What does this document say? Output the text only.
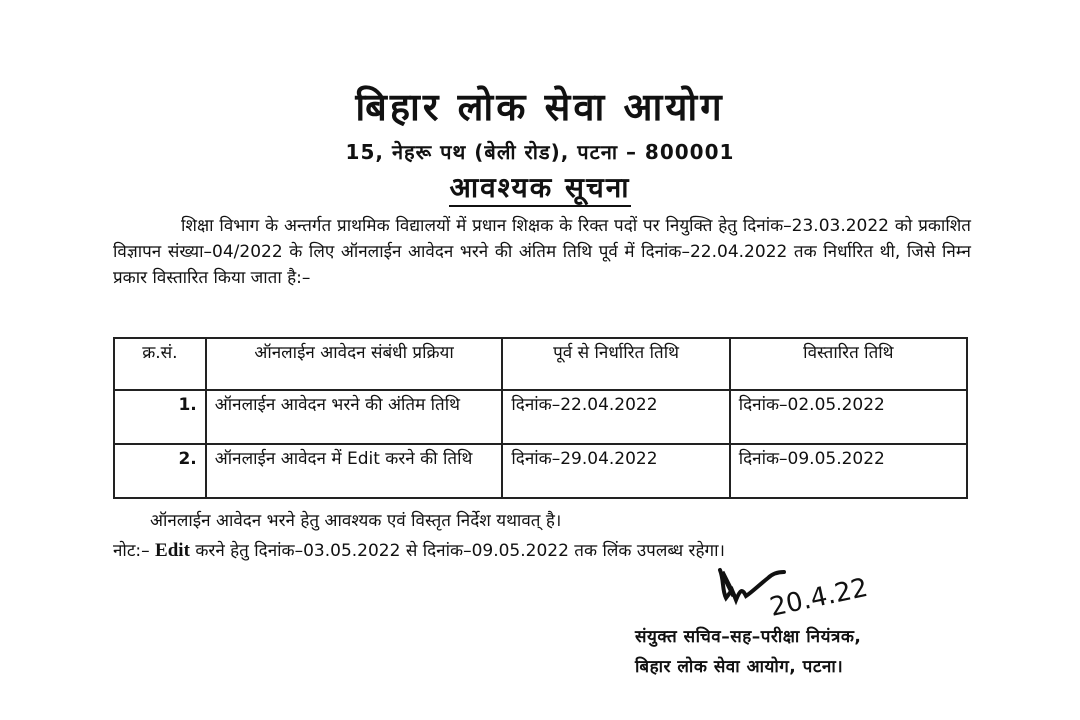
बिहार लोक सेवा आयोग
15, नेहरू पथ (बेली रोड), पटना – 800001
आवश्यक सूचना
शिक्षा विभाग के अन्तर्गत प्राथमिक विद्यालयों में प्रधान शिक्षक के रिक्त पदों पर नियुक्ति हेतु दिनांक–23.03.2022 को प्रकाशित विज्ञापन संख्या–04/2022 के लिए ऑनलाईन आवेदन भरने की अंतिम तिथि पूर्व में दिनांक–22.04.2022 तक निर्धारित थी, जिसे निम्न प्रकार विस्तारित किया जाता है:–
क्र.सं.	ऑनलाईन आवेदन संबंधी प्रक्रिया	पूर्व से निर्धारित तिथि	विस्तारित तिथि
1.	ऑनलाईन आवेदन भरने की अंतिम तिथि	दिनांक–22.04.2022	दिनांक–02.05.2022
2.	ऑनलाईन आवेदन में Edit करने की तिथि	दिनांक–29.04.2022	दिनांक–09.05.2022
ऑनलाईन आवेदन भरने हेतु आवश्यक एवं विस्तृत निर्देश यथावत् है।
नोट:– Edit करने हेतु दिनांक–03.05.2022 से दिनांक–09.05.2022 तक लिंक उपलब्ध रहेगा।
20.4.22
संयुक्त सचिव–सह–परीक्षा नियंत्रक,
बिहार लोक सेवा आयोग, पटना।
